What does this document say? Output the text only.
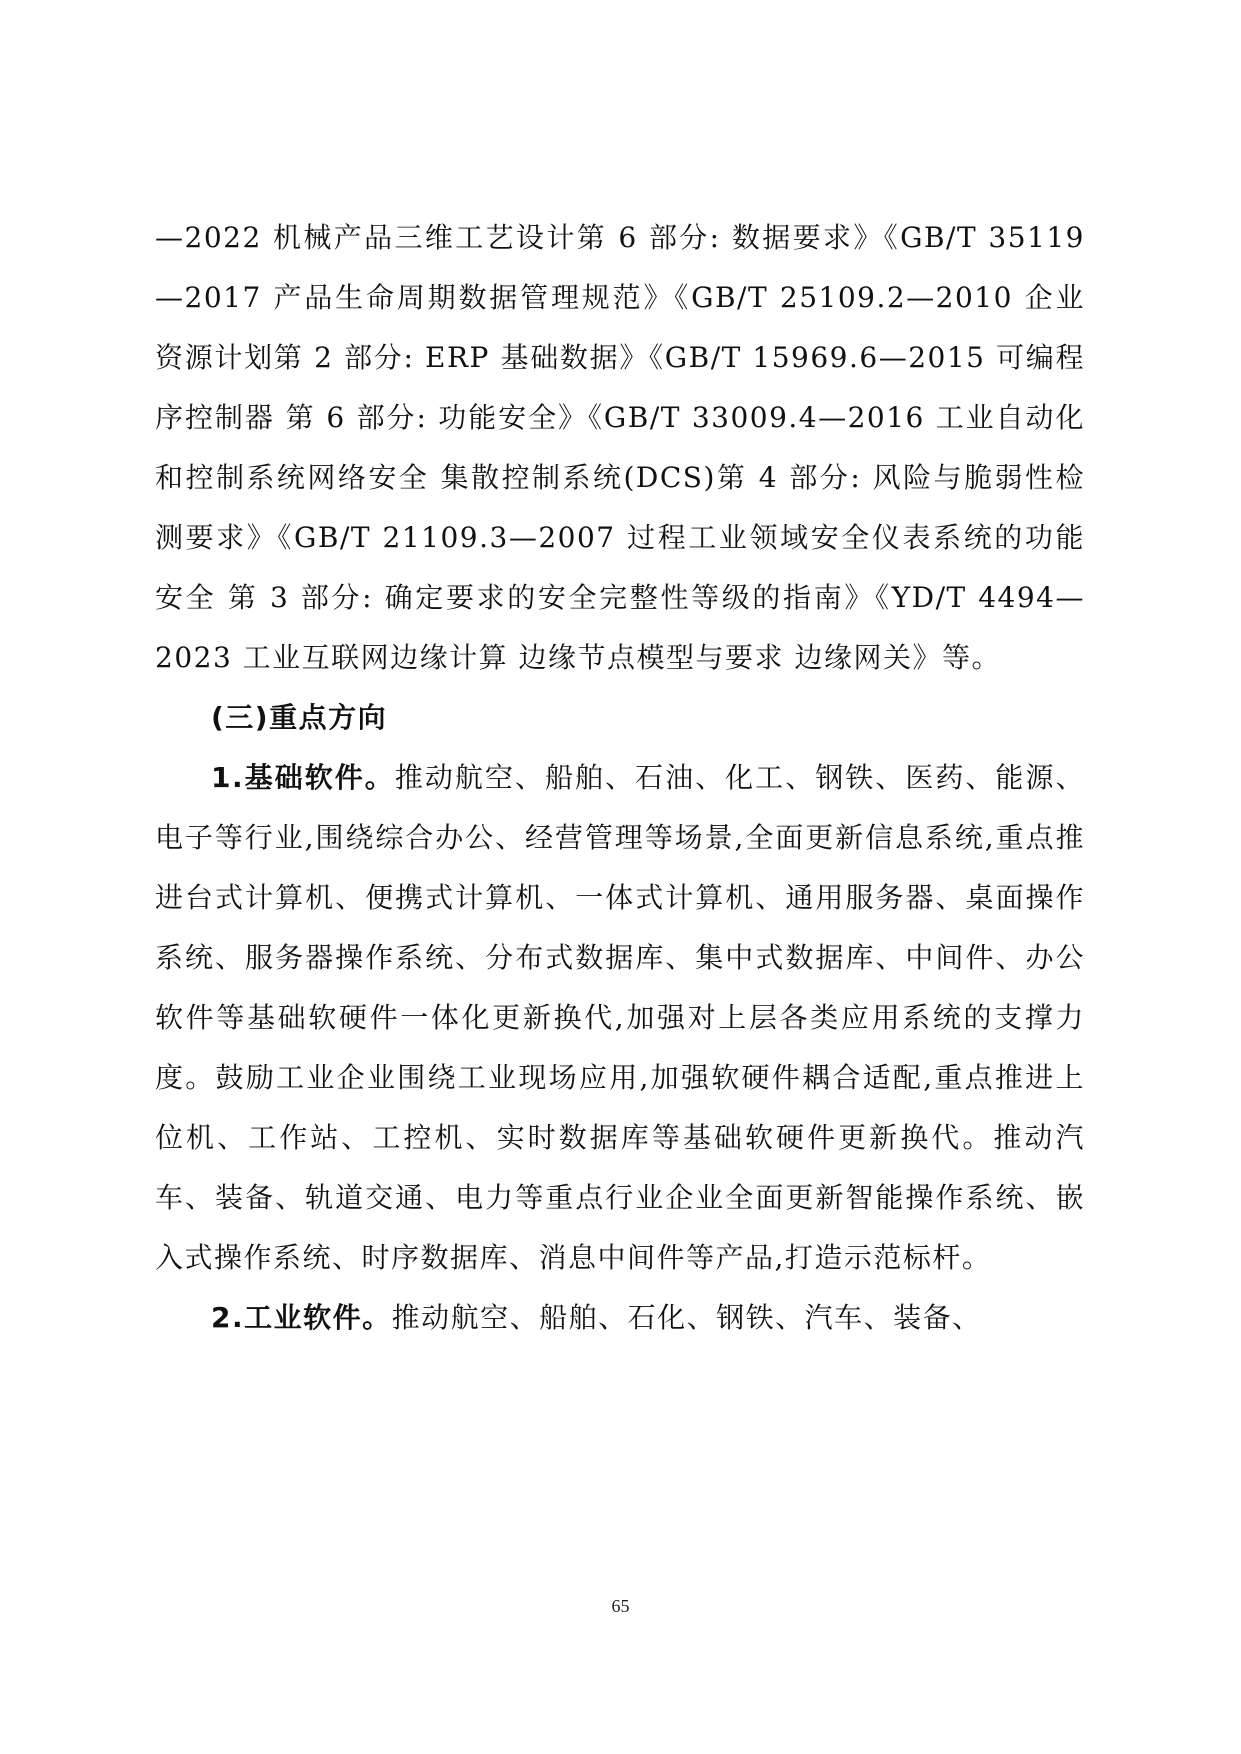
—2022 机械产品三维工艺设计第 6 部分: 数据要求》《GB/T 35119—2017 产品生命周期数据管理规范》《GB/T 25109.2—2010 企业资源计划第 2 部分: ERP 基础数据》《GB/T 15969.6—2015 可编程序控制器 第 6 部分: 功能安全》《GB/T 33009.4—2016 工业自动化和控制系统网络安全 集散控制系统(DCS)第 4 部分: 风险与脆弱性检测要求》《GB/T 21109.3—2007 过程工业领域安全仪表系统的功能安全 第 3 部分: 确定要求的安全完整性等级的指南》《YD/T 4494—2023 工业互联网边缘计算 边缘节点模型与要求 边缘网关》等。

(三)重点方向

1.基础软件。推动航空、船舶、石油、化工、钢铁、医药、能源、电子等行业,围绕综合办公、经营管理等场景,全面更新信息系统,重点推进台式计算机、便携式计算机、一体式计算机、通用服务器、桌面操作系统、服务器操作系统、分布式数据库、集中式数据库、中间件、办公软件等基础软硬件一体化更新换代,加强对上层各类应用系统的支撑力度。鼓励工业企业围绕工业现场应用,加强软硬件耦合适配,重点推进上位机、工作站、工控机、实时数据库等基础软硬件更新换代。推动汽车、装备、轨道交通、电力等重点行业企业全面更新智能操作系统、嵌入式操作系统、时序数据库、消息中间件等产品,打造示范标杆。

2.工业软件。推动航空、船舶、石化、钢铁、汽车、装备、

65
